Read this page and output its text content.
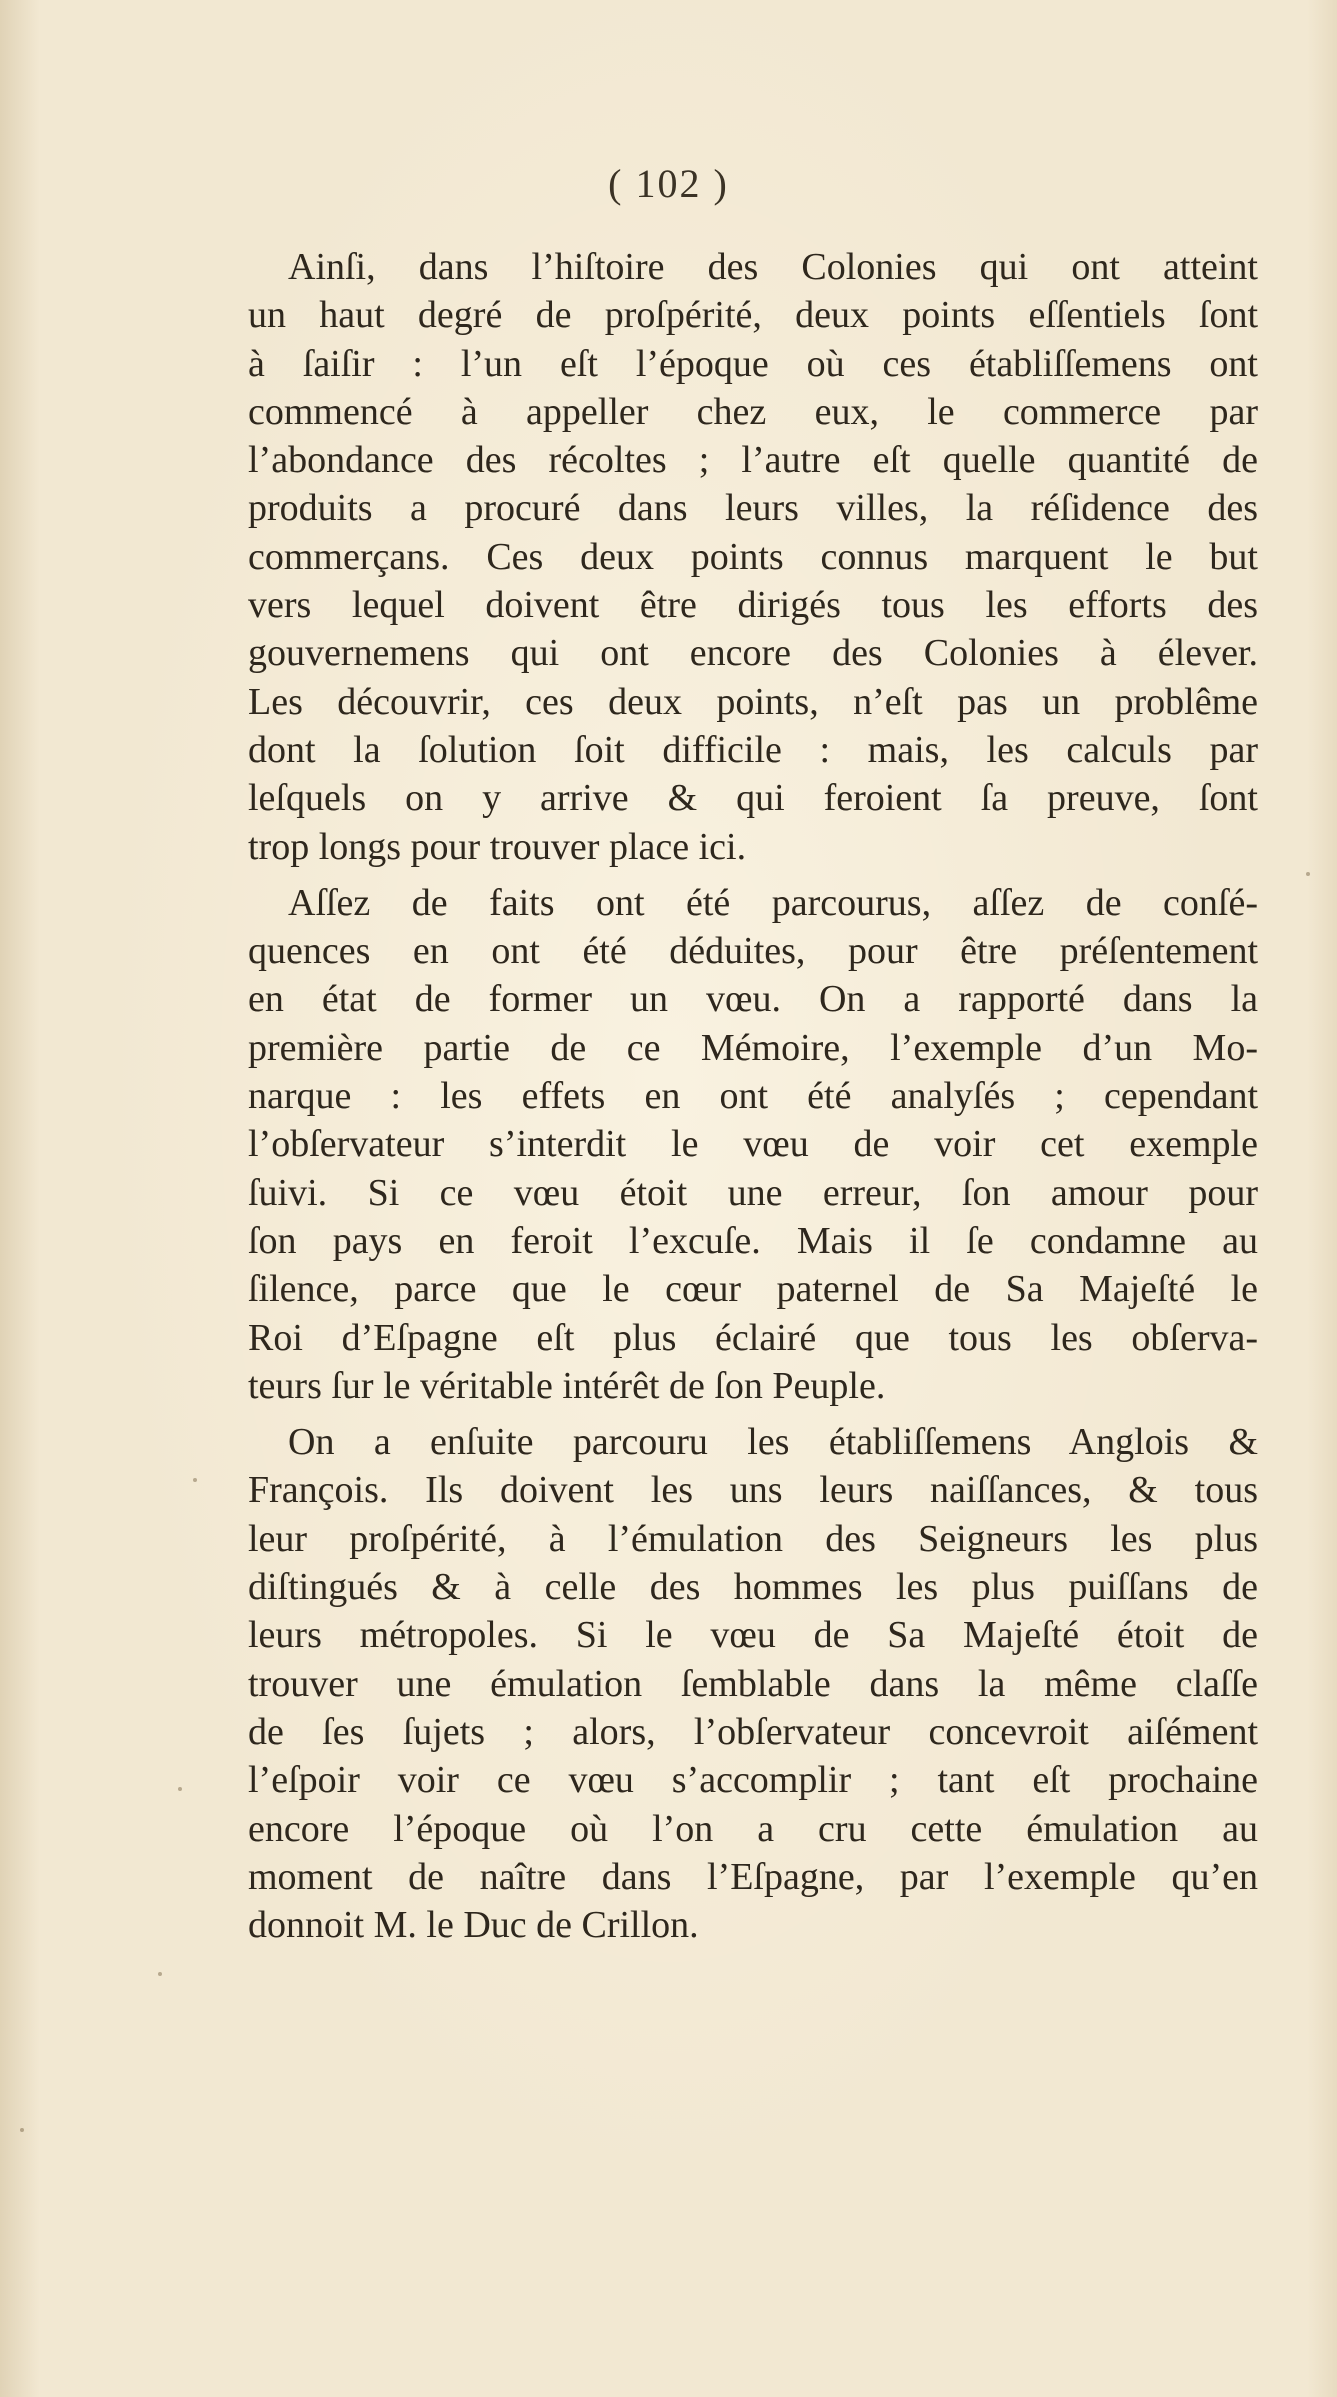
( 102 )
Ainſi, dans l’hiſtoire des Colonies qui ont atteint
un haut degré de proſpérité, deux points eſſentiels ſont
à ſaiſir : l’un eſt l’époque où ces établiſſemens ont
commencé à appeller chez eux, le commerce par
l’abondance des récoltes ; l’autre eſt quelle quantité de
produits a procuré dans leurs villes, la réſidence des
commerçans. Ces deux points connus marquent le but
vers lequel doivent être dirigés tous les efforts des
gouvernemens qui ont encore des Colonies à élever.
Les découvrir, ces deux points, n’eſt pas un problême
dont la ſolution ſoit difficile : mais, les calculs par
leſquels on y arrive & qui feroient ſa preuve, ſont
trop longs pour trouver place ici.
Aſſez de faits ont été parcourus, aſſez de conſé-
quences en ont été déduites, pour être préſentement
en état de former un vœu. On a rapporté dans la
première partie de ce Mémoire, l’exemple d’un Mo-
narque : les effets en ont été analyſés ; cependant
l’obſervateur s’interdit le vœu de voir cet exemple
ſuivi. Si ce vœu étoit une erreur, ſon amour pour
ſon pays en feroit l’excuſe. Mais il ſe condamne au
ſilence, parce que le cœur paternel de Sa Majeſté le
Roi d’Eſpagne eſt plus éclairé que tous les obſerva-
teurs ſur le véritable intérêt de ſon Peuple.
On a enſuite parcouru les établiſſemens Anglois &
François. Ils doivent les uns leurs naiſſances, & tous
leur proſpérité, à l’émulation des Seigneurs les plus
diſtingués & à celle des hommes les plus puiſſans de
leurs métropoles. Si le vœu de Sa Majeſté étoit de
trouver une émulation ſemblable dans la même claſſe
de ſes ſujets ; alors, l’obſervateur concevroit aiſément
l’eſpoir voir ce vœu s’accomplir ; tant eſt prochaine
encore l’époque où l’on a cru cette émulation au
moment de naître dans l’Eſpagne, par l’exemple qu’en
donnoit M. le Duc de Crillon.
